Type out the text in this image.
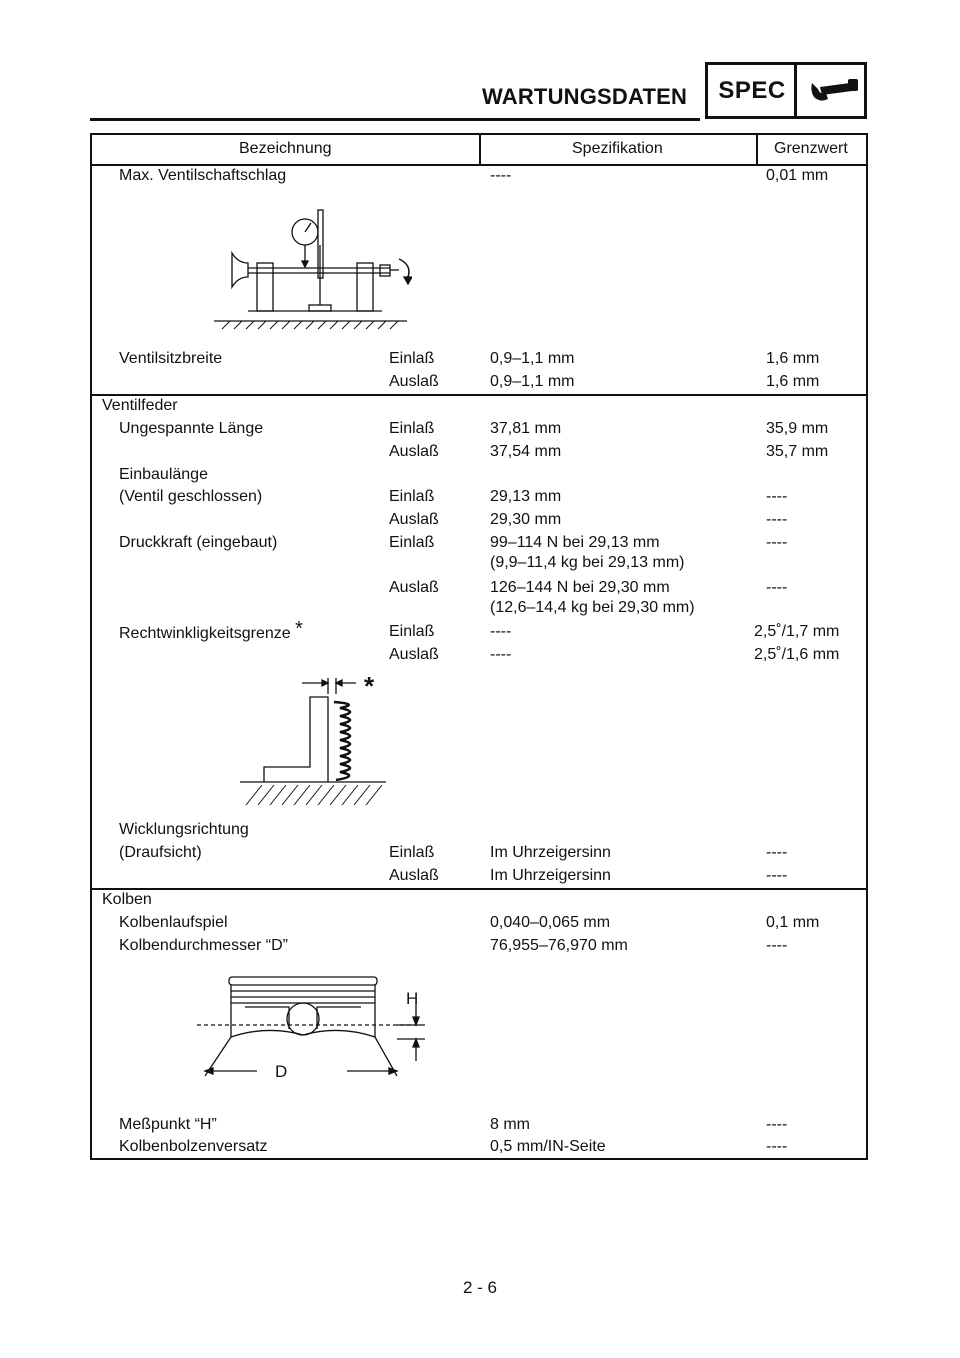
WARTUNGSDATEN	SPEC
Bezeichnung	Spezifikation	Grenzwert
Max. Ventilschaftschlag	----	0,01 mm
Ventilsitzbreite	Einlaß	0,9–1,1 mm	1,6 mm
Auslaß	0,9–1,1 mm	1,6 mm
Ventilfeder
Ungespannte Länge	Einlaß	37,81 mm	35,9 mm
Auslaß	37,54 mm	35,7 mm
Einbaulänge
(Ventil geschlossen)	Einlaß	29,13 mm	----
Auslaß	29,30 mm	----
Druckkraft (eingebaut)	Einlaß	99–114 N bei 29,13 mm	----
(9,9–11,4 kg bei 29,13 mm)
Auslaß	126–144 N bei 29,30 mm	----
(12,6–14,4 kg bei 29,30 mm)
Rechtwinkligkeitsgrenze *	Einlaß	----	2,5˚/1,7 mm
Auslaß	----	2,5˚/1,6 mm
*
Wicklungsrichtung
(Draufsicht)	Einlaß	Im Uhrzeigersinn	----
Auslaß	Im Uhrzeigersinn	----
Kolben
Kolbenlaufspiel	0,040–0,065 mm	0,1 mm
Kolbendurchmesser “D”	76,955–76,970 mm	----
H
D
Meßpunkt “H”	8 mm	----
Kolbenbolzenversatz	0,5 mm/IN-Seite	----
2 - 6
